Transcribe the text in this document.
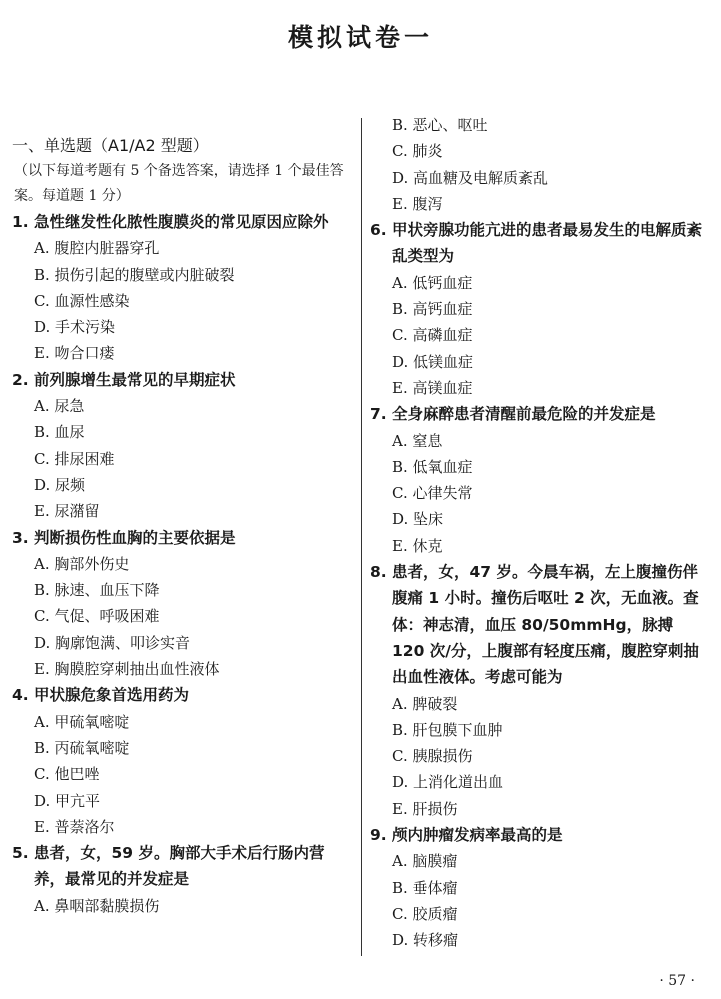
模拟试卷一
一、单选题（A1/A2 型题）
（以下每道考题有 5 个备选答案，请选择 1 个最佳答案。每道题 1 分）
1. 急性继发性化脓性腹膜炎的常见原因应除外
A. 腹腔内脏器穿孔
B. 损伤引起的腹壁或内脏破裂
C. 血源性感染
D. 手术污染
E. 吻合口瘘
2. 前列腺增生最常见的早期症状
A. 尿急
B. 血尿
C. 排尿困难
D. 尿频
E. 尿潴留
3. 判断损伤性血胸的主要依据是
A. 胸部外伤史
B. 脉速、血压下降
C. 气促、呼吸困难
D. 胸廓饱满、叩诊实音
E. 胸膜腔穿刺抽出血性液体
4. 甲状腺危象首选用药为
A. 甲硫氧嘧啶
B. 丙硫氧嘧啶
C. 他巴唑
D. 甲亢平
E. 普萘洛尔
5. 患者，女，59 岁。胸部大手术后行肠内营养，最常见的并发症是
A. 鼻咽部黏膜损伤
B. 恶心、呕吐
C. 肺炎
D. 高血糖及电解质紊乱
E. 腹泻
6. 甲状旁腺功能亢进的患者最易发生的电解质紊乱类型为
A. 低钙血症
B. 高钙血症
C. 高磷血症
D. 低镁血症
E. 高镁血症
7. 全身麻醉患者清醒前最危险的并发症是
A. 窒息
B. 低氧血症
C. 心律失常
D. 坠床
E. 休克
8. 患者，女，47 岁。今晨车祸，左上腹撞伤伴腹痛 1 小时。撞伤后呕吐 2 次，无血液。查体：神志清，血压 80/50mmHg，脉搏 120 次/分，上腹部有轻度压痛，腹腔穿刺抽出血性液体。考虑可能为
A. 脾破裂
B. 肝包膜下血肿
C. 胰腺损伤
D. 上消化道出血
E. 肝损伤
9. 颅内肿瘤发病率最高的是
A. 脑膜瘤
B. 垂体瘤
C. 胶质瘤
D. 转移瘤
· 57 ·
